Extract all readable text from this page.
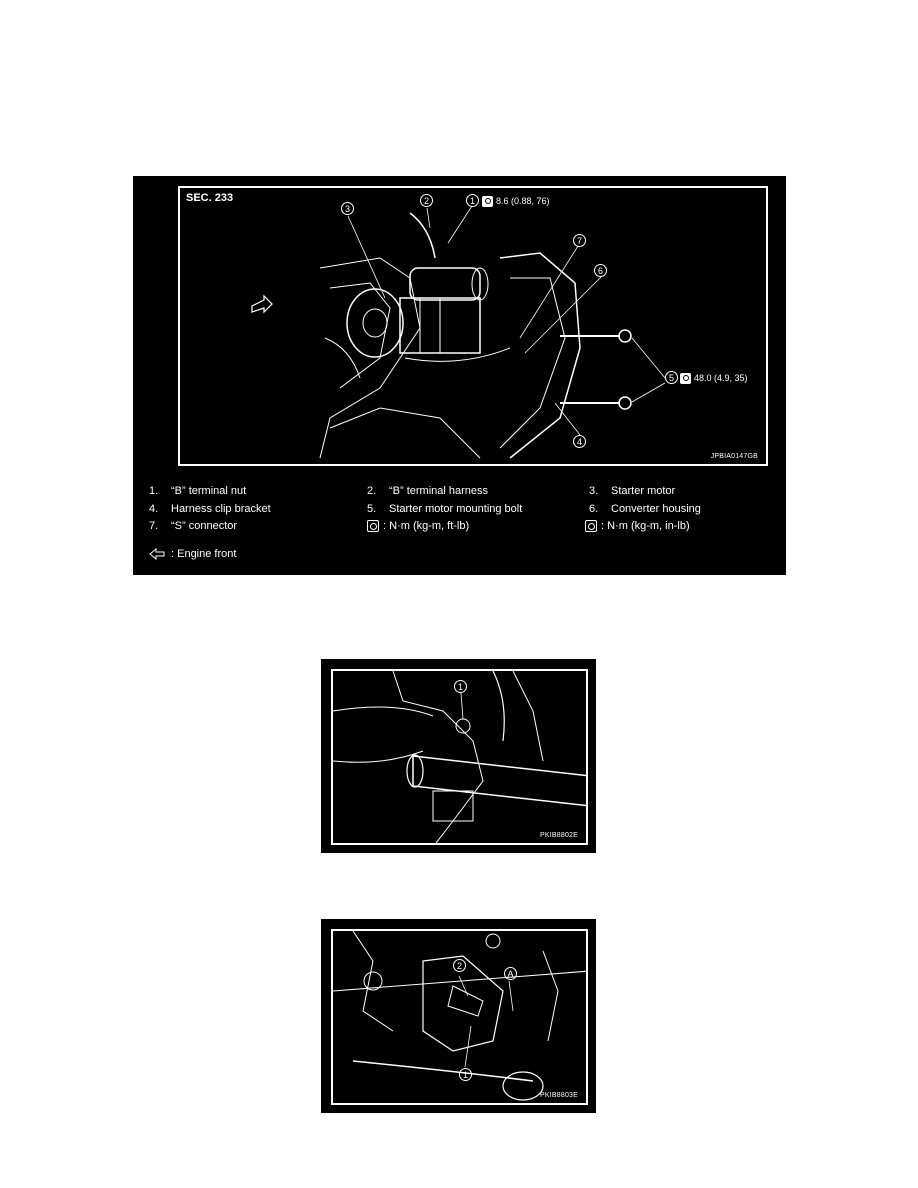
SEC. 233
3
2	1	8.6 (0.88, 76)
7
6
5	48.0 (4.9, 35)
4
JPBIA0147GB
1. “B” terminal nut	2. “B” terminal harness	3. Starter motor
4. Harness clip bracket	5. Starter motor mounting bolt	6. Converter housing
7. “S” connector	: N·m (kg-m, ft-lb)	: N·m (kg-m, in-lb)
: Engine front
1
PKIB8802E
2
A
1
PKIB8803E
